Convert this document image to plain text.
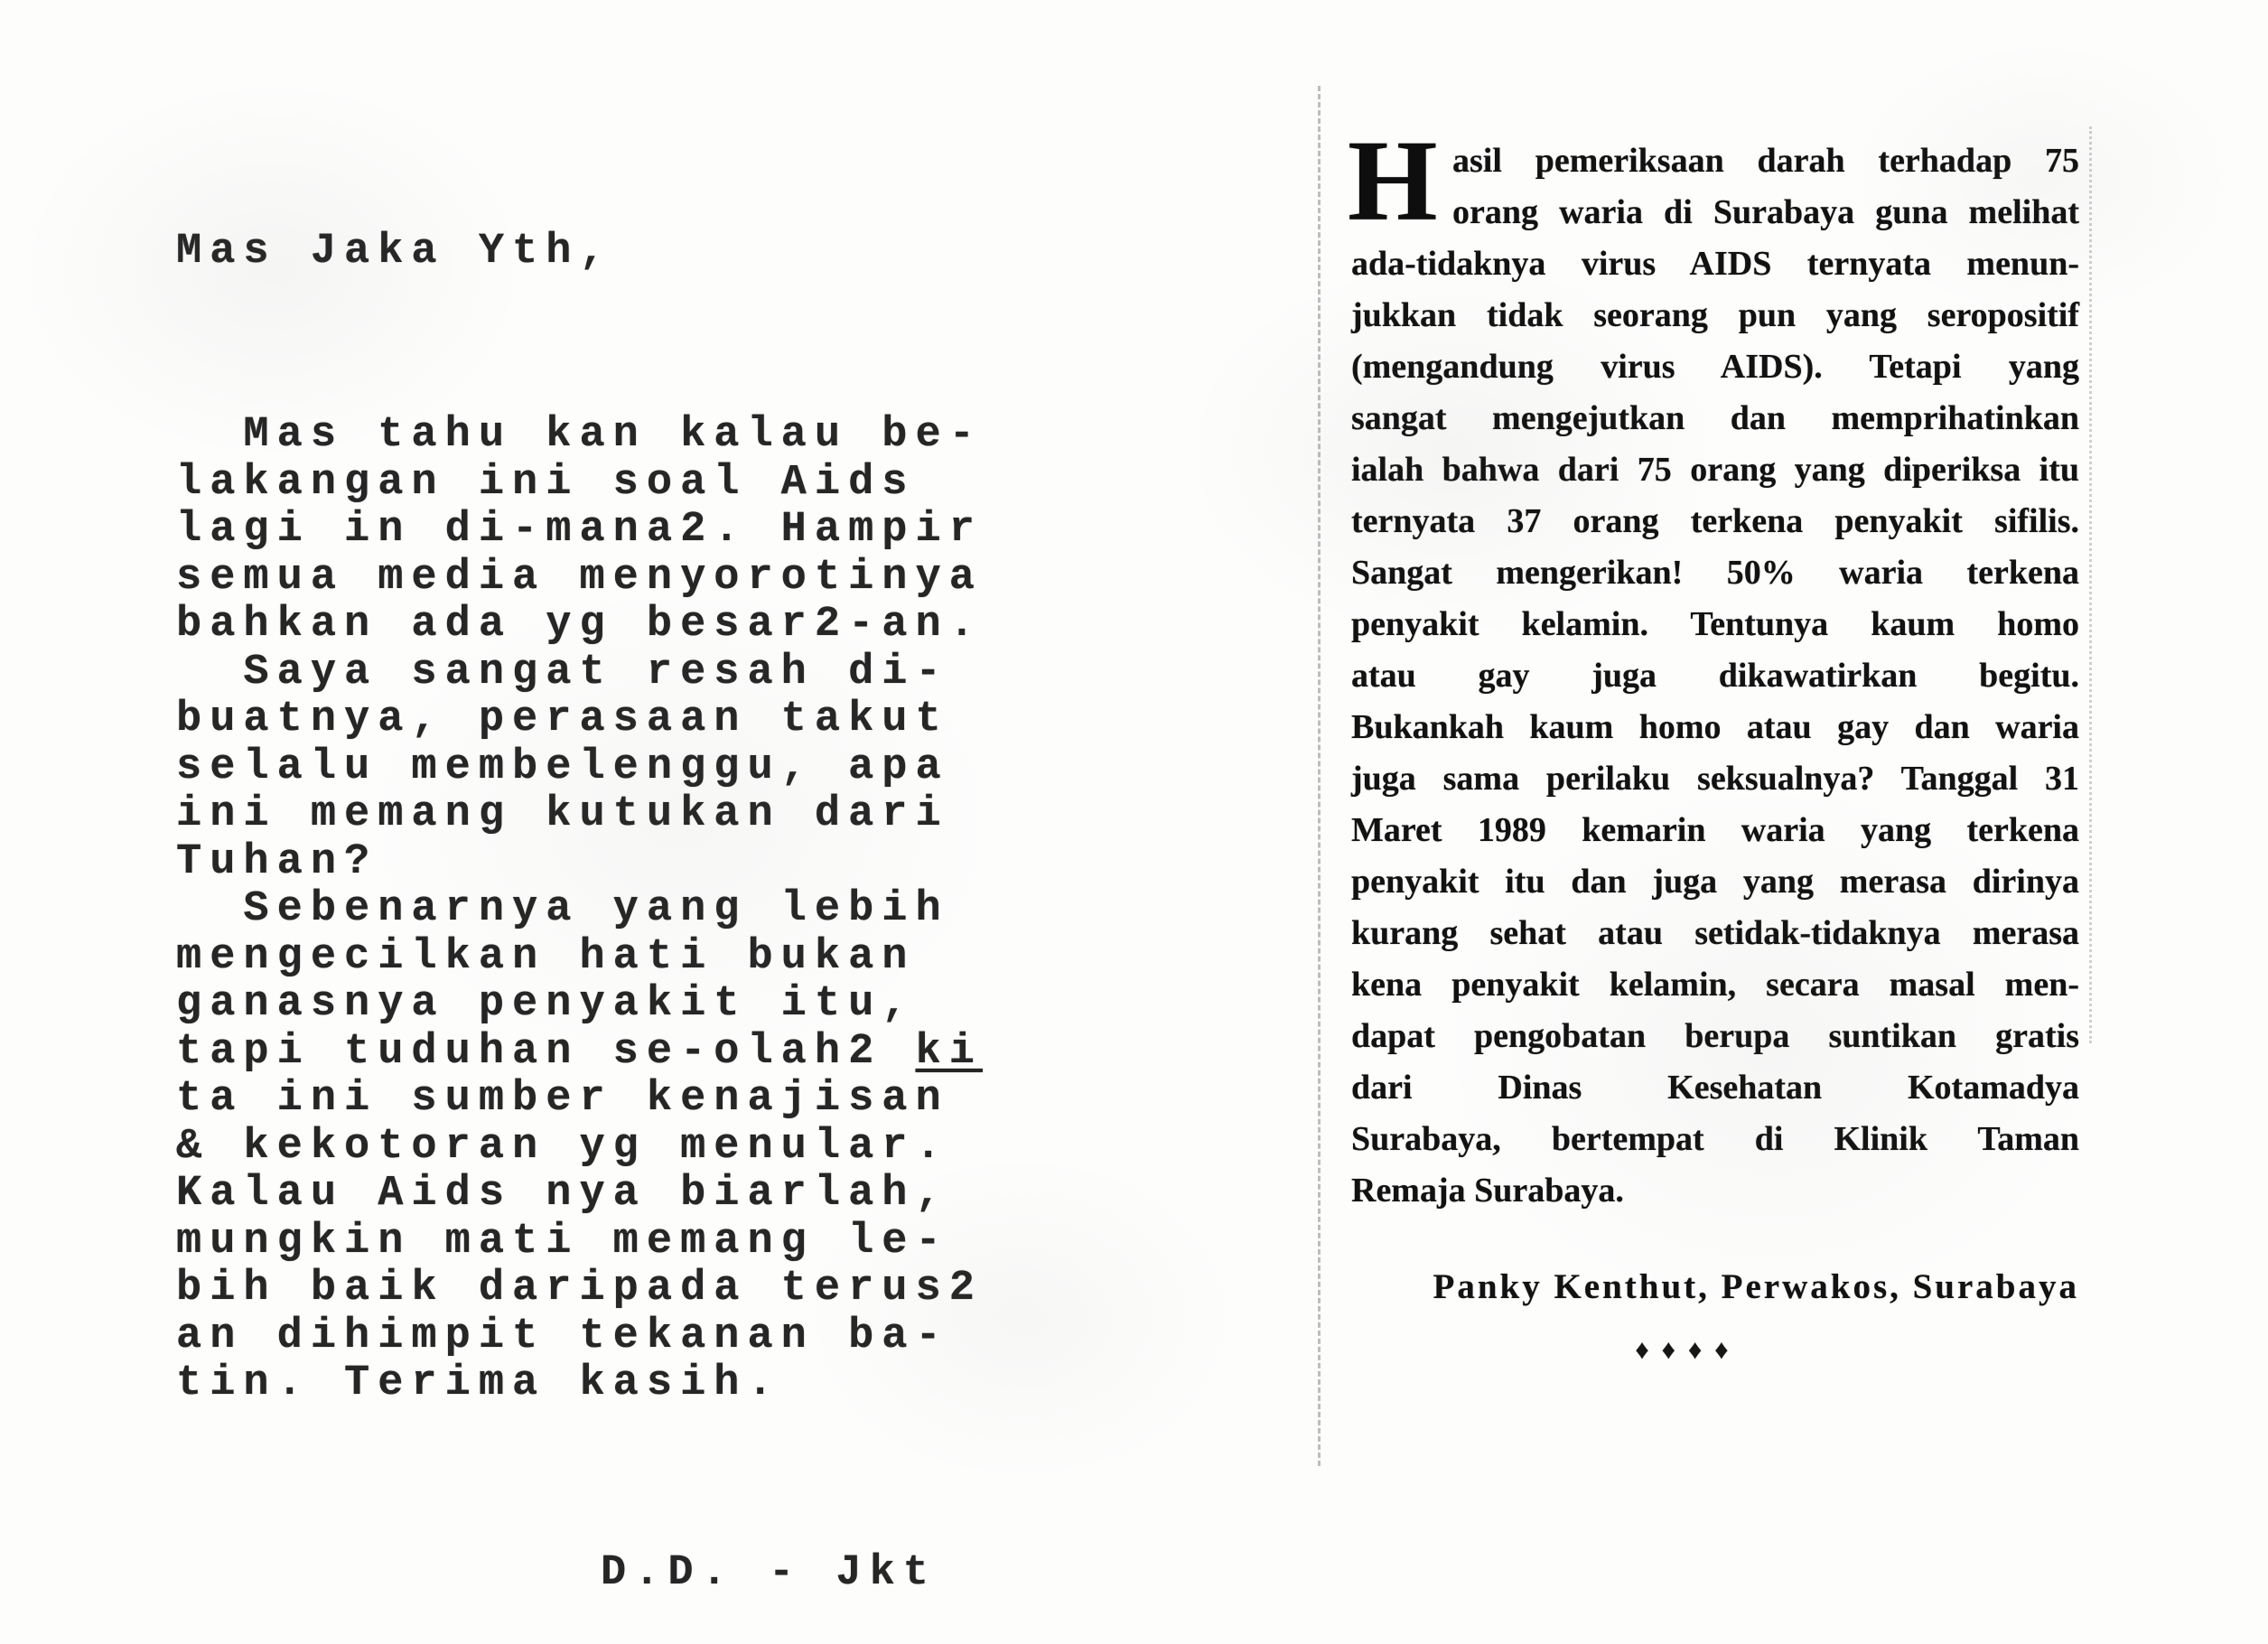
Mas Jaka Yth,

Mas tahu kan kalau be-
lakangan ini soal Aids
lagi in di-mana2. Hampir
semua media menyorotinya
bahkan ada yg besar2-an.
Saya sangat resah di-
buatnya, perasaan takut
selalu membelenggu, apa
ini memang kutukan dari
Tuhan?
Sebenarnya yang lebih
mengecilkan hati bukan
ganasnya penyakit itu,
tapi tuduhan se-olah2 ki
ta ini sumber kenajisan
& kekotoran yg menular.
Kalau Aids nya biarlah,
mungkin mati memang le-
bih baik daripada terus2
an dihimpit tekanan ba-
tin. Terima kasih.

D.D. - Jkt

H asil pemeriksaan darah terhadap 75
orang waria di Surabaya guna melihat
ada-tidaknya virus AIDS ternyata menun-
jukkan tidak seorang pun yang seropositif
(mengandung virus AIDS). Tetapi yang
sangat mengejutkan dan memprihatinkan
ialah bahwa dari 75 orang yang diperiksa itu
ternyata 37 orang terkena penyakit sifilis.
Sangat mengerikan! 50% waria terkena
penyakit kelamin. Tentunya kaum homo
atau gay juga dikawatirkan begitu.
Bukankah kaum homo atau gay dan waria
juga sama perilaku seksualnya? Tanggal 31
Maret 1989 kemarin waria yang terkena
penyakit itu dan juga yang merasa dirinya
kurang sehat atau setidak-tidaknya merasa
kena penyakit kelamin, secara masal men-
dapat pengobatan berupa suntikan gratis
dari Dinas Kesehatan Kotamadya
Surabaya, bertempat di Klinik Taman
Remaja Surabaya.
Panky Kenthut, Perwakos, Surabaya
♦♦♦♦
